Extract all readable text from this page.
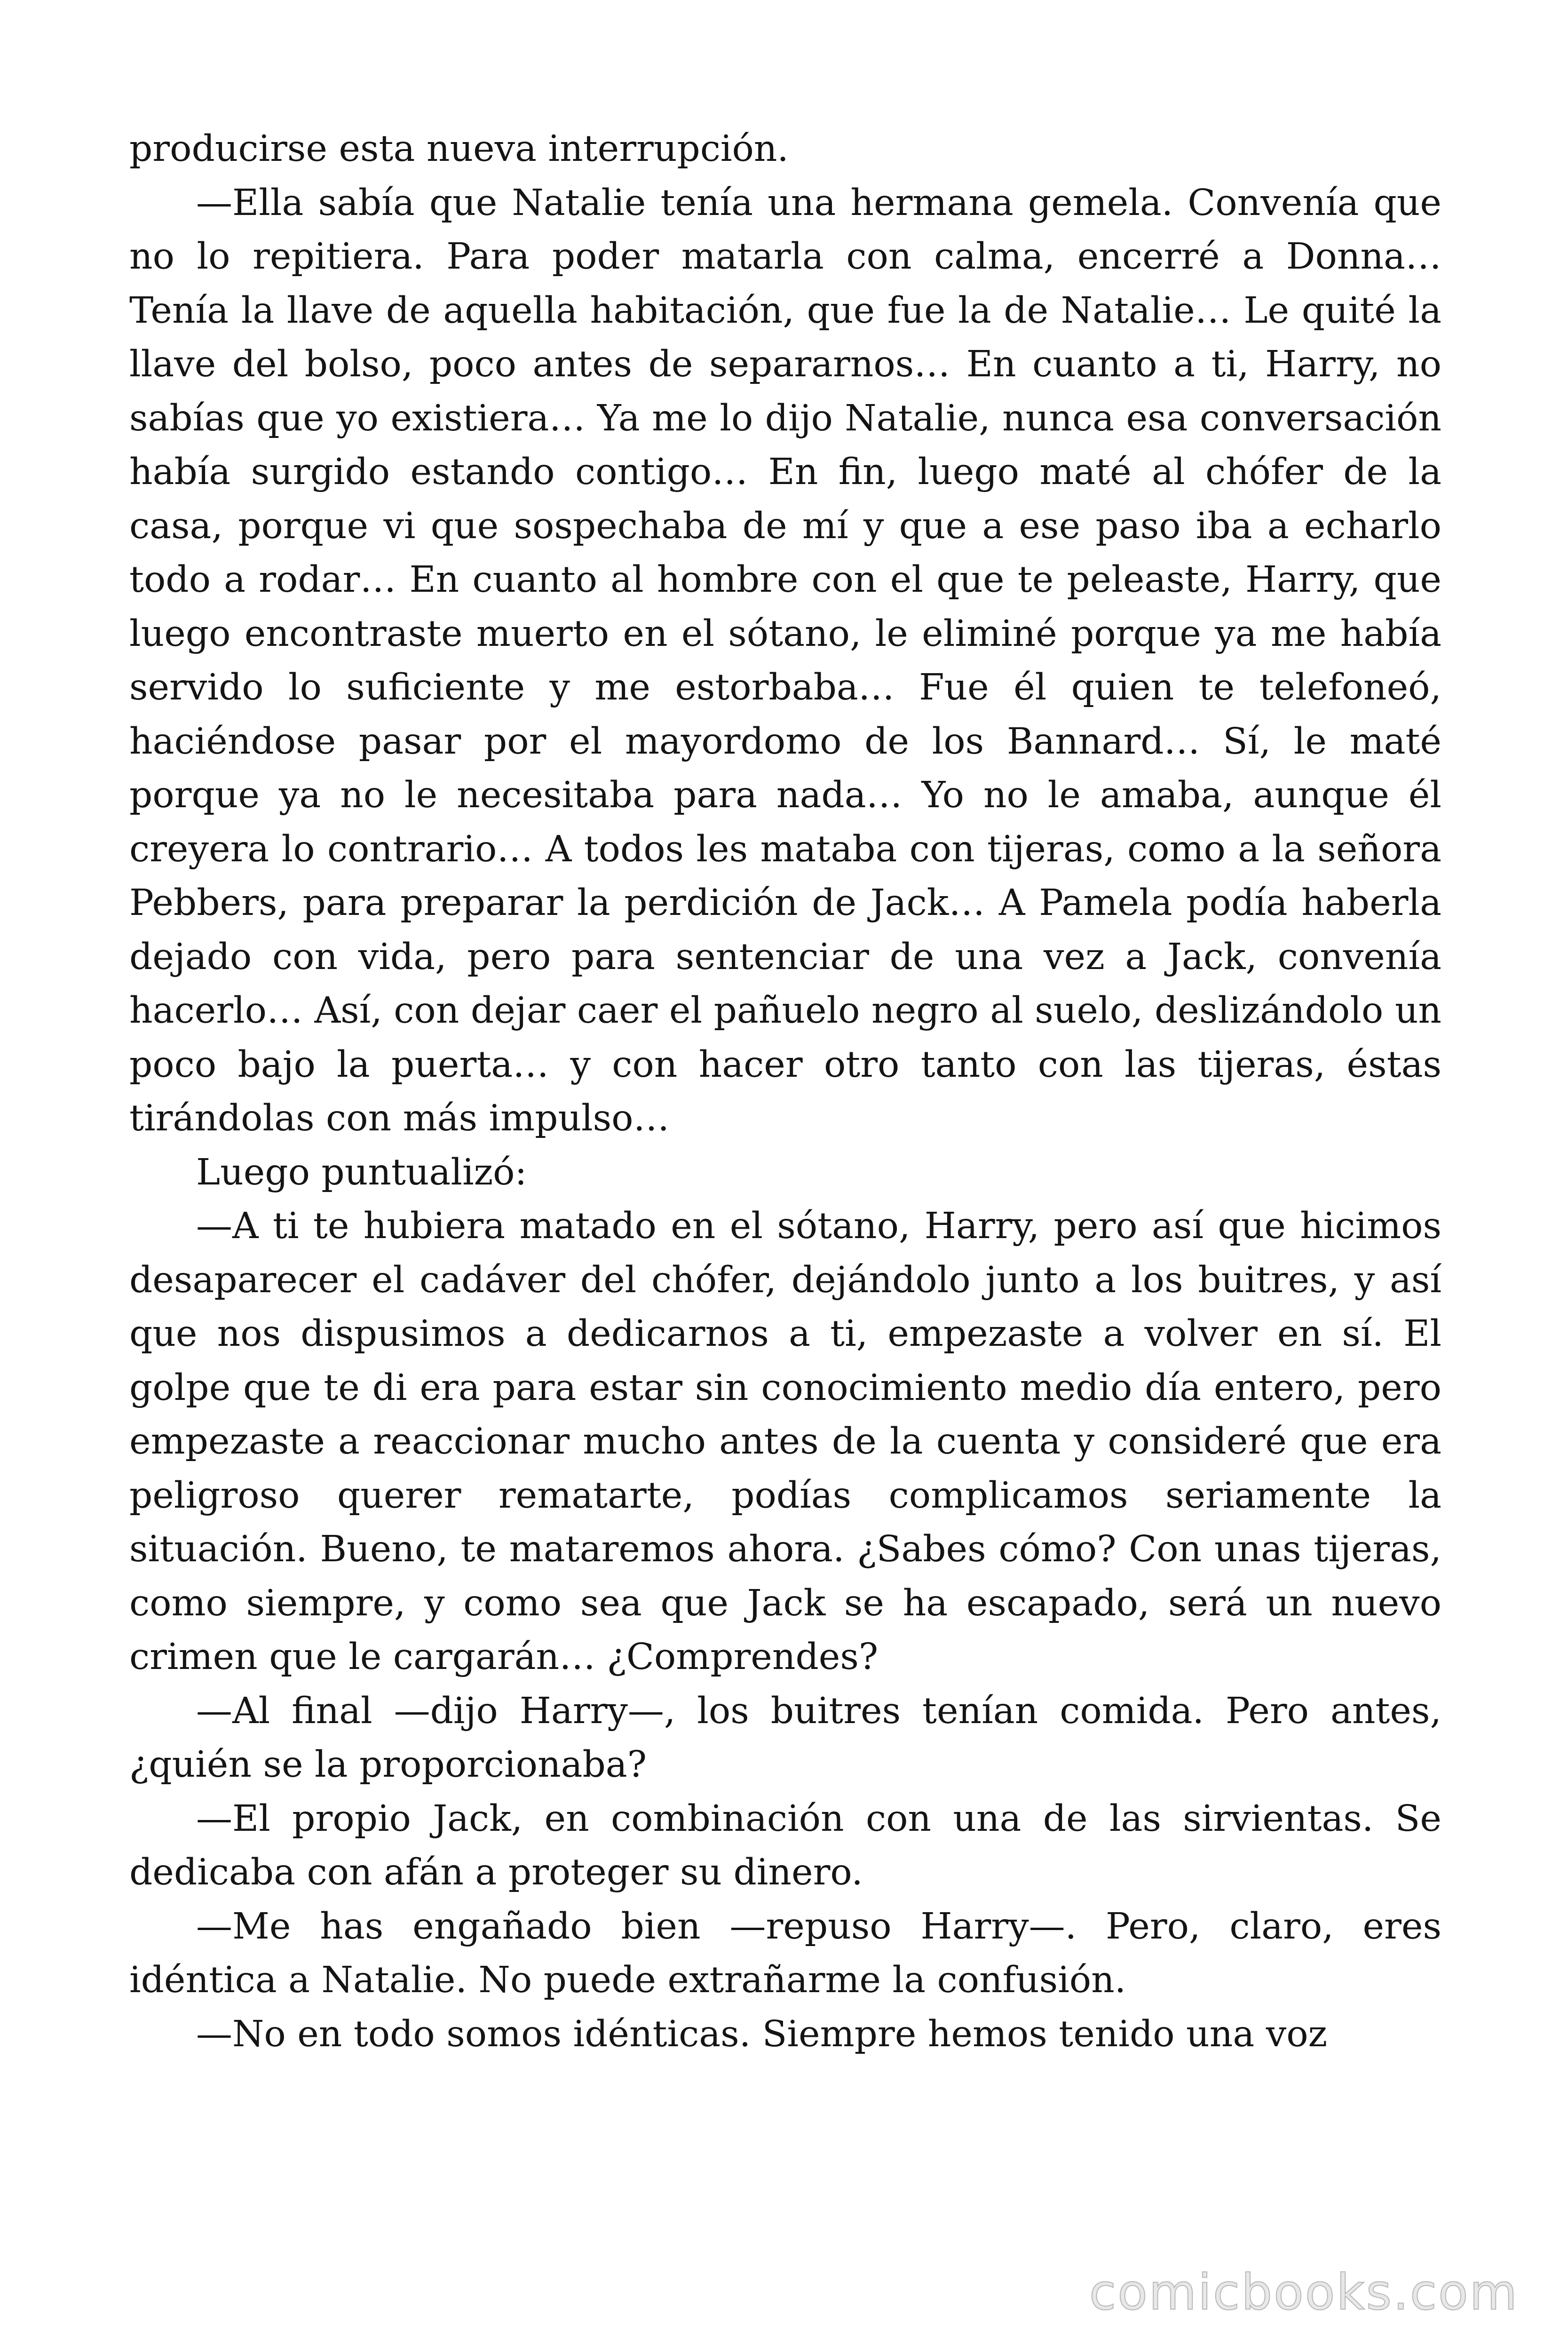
producirse esta nueva interrupción.

—Ella sabía que Natalie tenía una hermana gemela. Convenía que no lo repitiera. Para poder matarla con calma, encerré a Donna… Tenía la llave de aquella habitación, que fue la de Natalie… Le quité la llave del bolso, poco antes de separarnos… En cuanto a ti, Harry, no sabías que yo existiera… Ya me lo dijo Natalie, nunca esa conversación había surgido estando contigo… En fin, luego maté al chófer de la casa, porque vi que sospechaba de mí y que a ese paso iba a echarlo todo a rodar… En cuanto al hombre con el que te peleaste, Harry, que luego encontraste muerto en el sótano, le eliminé porque ya me había servido lo suficiente y me estorbaba… Fue él quien te telefoneó, haciéndose pasar por el mayordomo de los Bannard… Sí, le maté porque ya no le necesitaba para nada… Yo no le amaba, aunque él creyera lo contrario… A todos les mataba con tijeras, como a la señora Pebbers, para preparar la perdición de Jack… A Pamela podía haberla dejado con vida, pero para sentenciar de una vez a Jack, convenía hacerlo… Así, con dejar caer el pañuelo negro al suelo, deslizándolo un poco bajo la puerta… y con hacer otro tanto con las tijeras, éstas tirándolas con más impulso…

Luego puntualizó:

—A ti te hubiera matado en el sótano, Harry, pero así que hicimos desaparecer el cadáver del chófer, dejándolo junto a los buitres, y así que nos dispusimos a dedicarnos a ti, empezaste a volver en sí. El golpe que te di era para estar sin conocimiento medio día entero, pero empezaste a reaccionar mucho antes de la cuenta y consideré que era peligroso querer rematarte, podías complicamos seriamente la situación. Bueno, te mataremos ahora. ¿Sabes cómo? Con unas tijeras, como siempre, y como sea que Jack se ha escapado, será un nuevo crimen que le cargarán… ¿Comprendes?

—Al final —dijo Harry—, los buitres tenían comida. Pero antes, ¿quién se la proporcionaba?

—El propio Jack, en combinación con una de las sirvientas. Se dedicaba con afán a proteger su dinero.

—Me has engañado bien —repuso Harry—. Pero, claro, eres idéntica a Natalie. No puede extrañarme la confusión.

—No en todo somos idénticas. Siempre hemos tenido una voz

comicbooks.com
